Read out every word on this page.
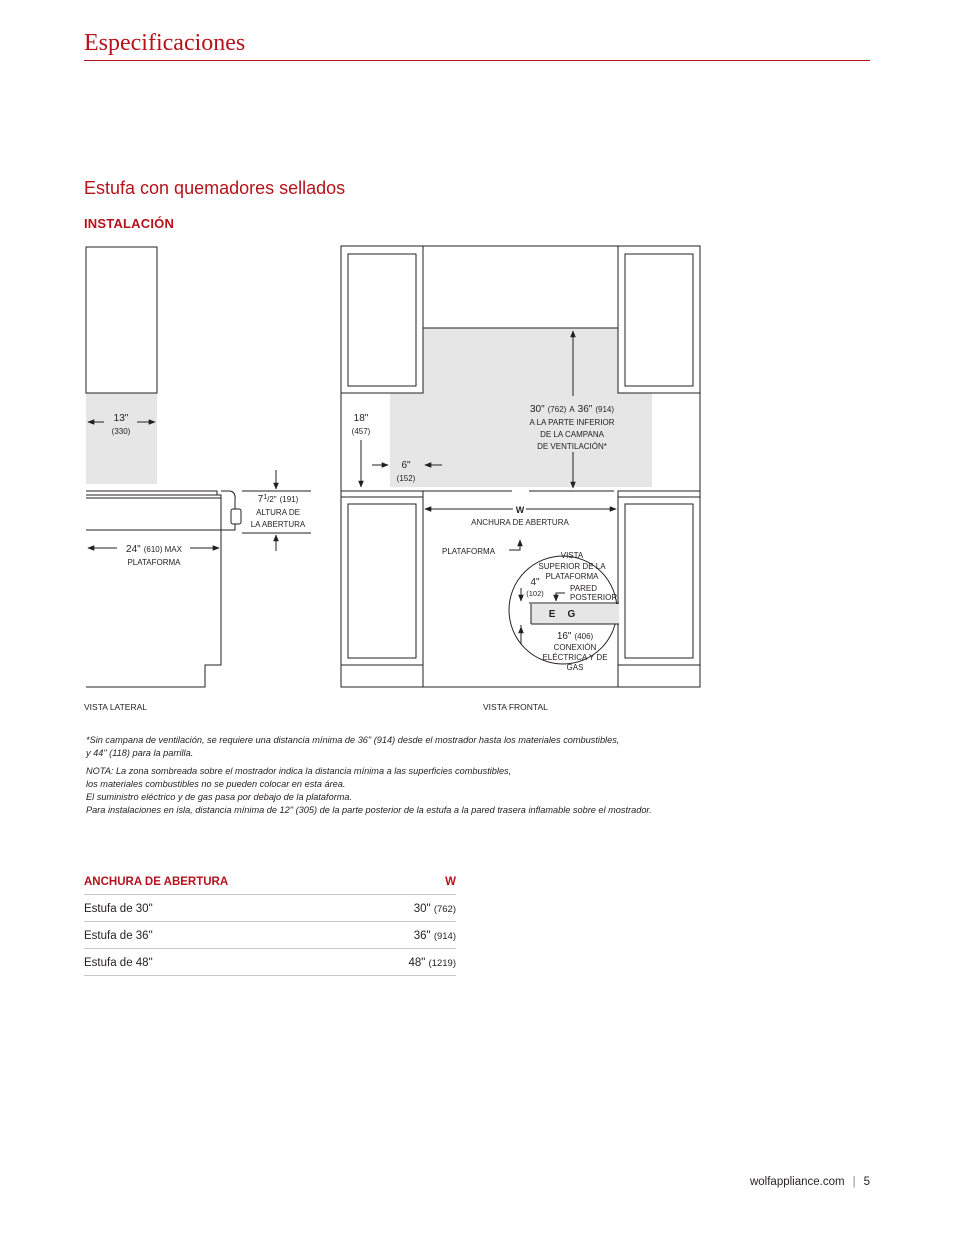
Especificaciones
Estufa con quemadores sellados
INSTALACIÓN
13"
(330)
24" (610) MAX
PLATAFORMA
71/2" (191)
ALTURA DE
LA ABERTURA
18"
(457)
6"
(152)
30" (762) A 36" (914)
A LA PARTE INFERIOR
DE LA CAMPANA
DE VENTILACIÓN*
W
ANCHURA DE ABERTURA
PLATAFORMA	VISTA
SUPERIOR DE LA
PLATAFORMA
4"
(102)
PARED
POSTERIOR
E G
16" (406)
CONEXIÓN
ELÉCTRICA Y DE
GAS
VISTA LATERAL	VISTA FRONTAL
*Sin campana de ventilación, se requiere una distancia mínima de 36" (914) desde el mostrador hasta los materiales combustibles,
y 44" (118) para la parrilla.
NOTA: La zona sombreada sobre el mostrador indica la distancia mínima a las superficies combustibles,
los materiales combustibles no se pueden colocar en esta área.
El suministro eléctrico y de gas pasa por debajo de la plataforma.
Para instalaciones en isla, distancia mínima de 12" (305) de la parte posterior de la estufa a la pared trasera inflamable sobre el mostrador.
ANCHURA DE ABERTURA	W
Estufa de 30"	30" (762)
Estufa de 36"	36" (914)
Estufa de 48"	48" (1219)
wolfappliance.com | 5
